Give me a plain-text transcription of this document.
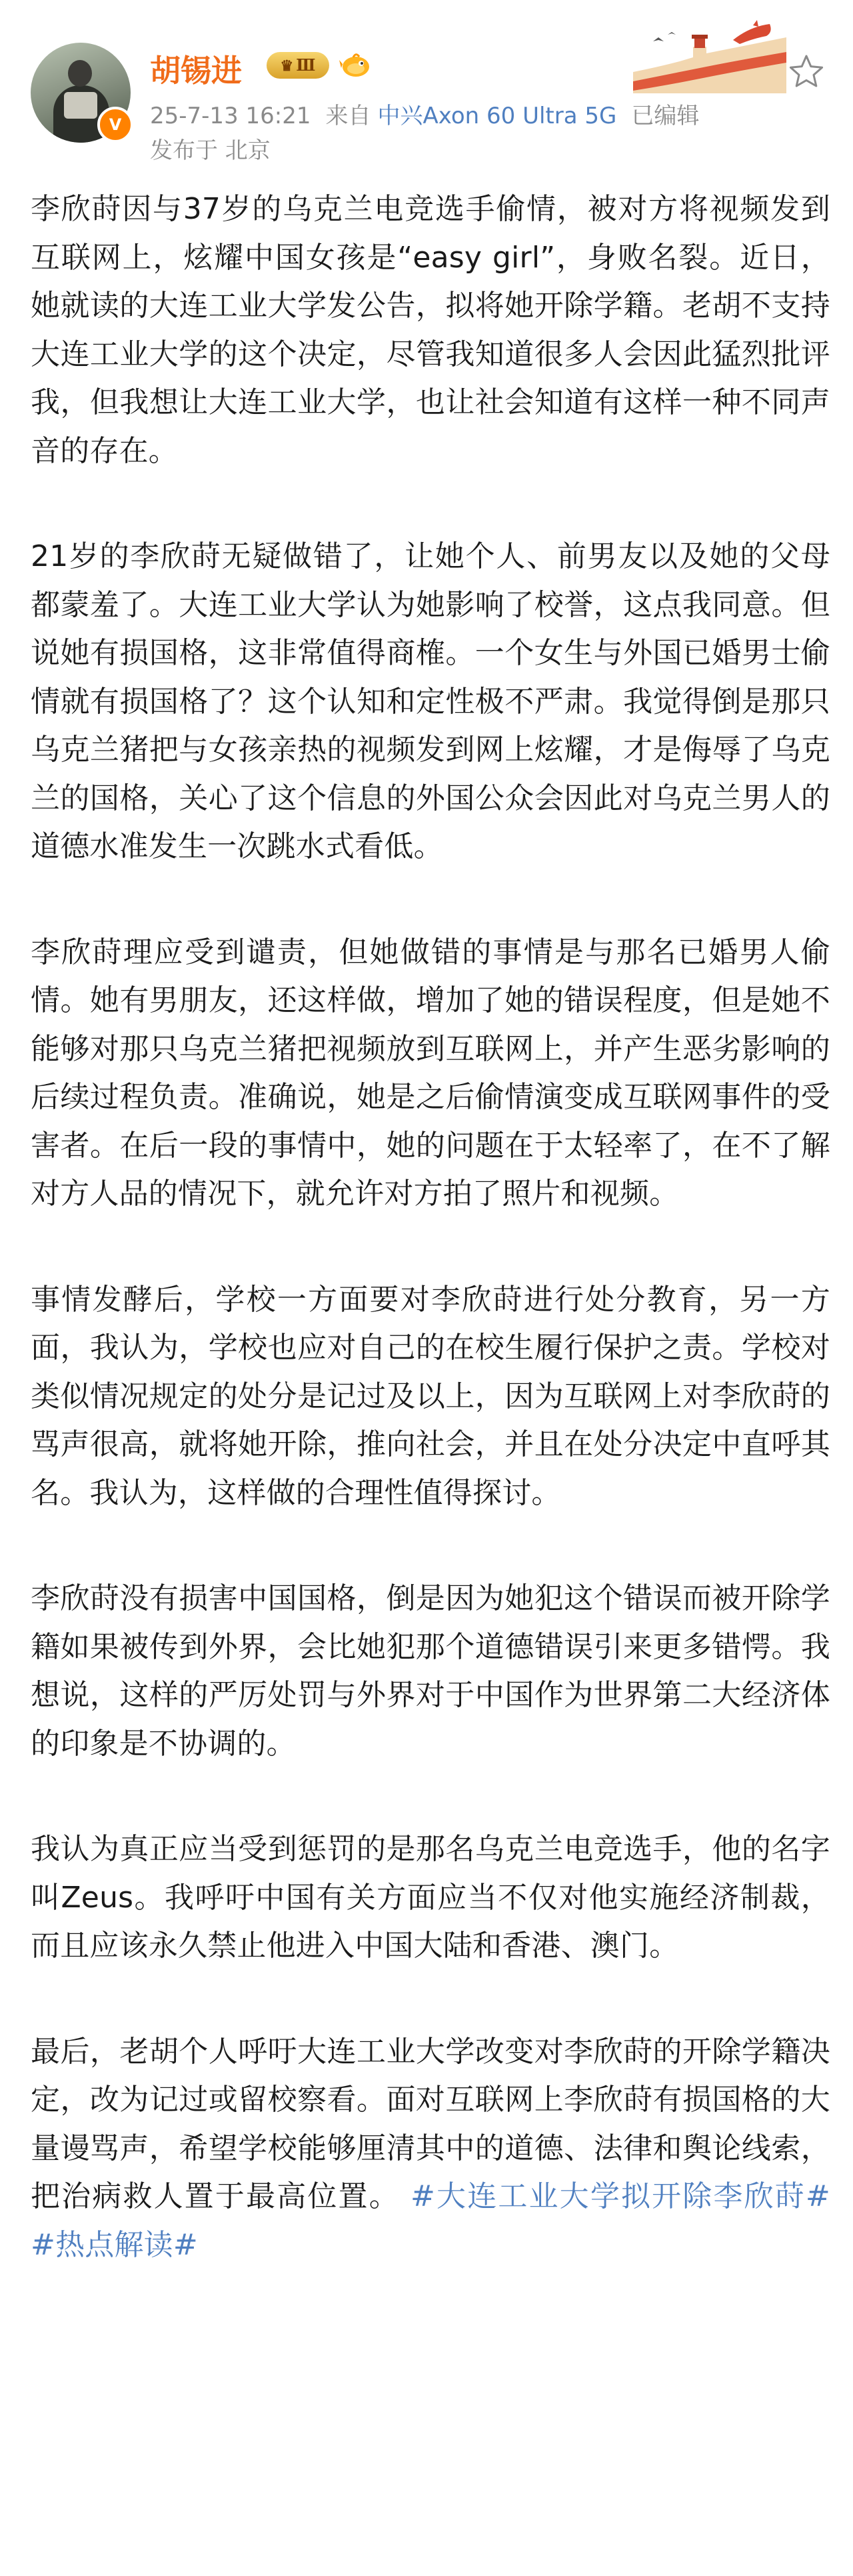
V
胡锡进	♛ Ⅲ
25-7-13 16:21 来自 中兴Axon 60 Ultra 5G 已编辑
发布于 北京

李欣莳因与37岁的乌克兰电竞选手偷情，被对方将视频发到互联网上，炫耀中国女孩是“easy girl”，身败名裂。近日，她就读的大连工业大学发公告，拟将她开除学籍。老胡不支持大连工业大学的这个决定，尽管我知道很多人会因此猛烈批评我，但我想让大连工业大学，也让社会知道有这样一种不同声音的存在。

21岁的李欣莳无疑做错了，让她个人、前男友以及她的父母都蒙羞了。大连工业大学认为她影响了校誉，这点我同意。但说她有损国格，这非常值得商榷。一个女生与外国已婚男士偷情就有损国格了？这个认知和定性极不严肃。我觉得倒是那只乌克兰猪把与女孩亲热的视频发到网上炫耀，才是侮辱了乌克兰的国格，关心了这个信息的外国公众会因此对乌克兰男人的道德水准发生一次跳水式看低。

李欣莳理应受到谴责，但她做错的事情是与那名已婚男人偷情。她有男朋友，还这样做，增加了她的错误程度，但是她不能够对那只乌克兰猪把视频放到互联网上，并产生恶劣影响的后续过程负责。准确说，她是之后偷情演变成互联网事件的受害者。在后一段的事情中，她的问题在于太轻率了，在不了解对方人品的情况下，就允许对方拍了照片和视频。

事情发酵后，学校一方面要对李欣莳进行处分教育，另一方面，我认为，学校也应对自己的在校生履行保护之责。学校对类似情况规定的处分是记过及以上，因为互联网上对李欣莳的骂声很高，就将她开除，推向社会，并且在处分决定中直呼其名。我认为，这样做的合理性值得探讨。

李欣莳没有损害中国国格，倒是因为她犯这个错误而被开除学籍如果被传到外界，会比她犯那个道德错误引来更多错愕。我想说，这样的严厉处罚与外界对于中国作为世界第二大经济体的印象是不协调的。

我认为真正应当受到惩罚的是那名乌克兰电竞选手，他的名字叫Zeus。我呼吁中国有关方面应当不仅对他实施经济制裁，而且应该永久禁止他进入中国大陆和香港、澳门。

最后，老胡个人呼吁大连工业大学改变对李欣莳的开除学籍决定，改为记过或留校察看。面对互联网上李欣莳有损国格的大量谩骂声，希望学校能够厘清其中的道德、法律和舆论线索，把治病救人置于最高位置。 #大连工业大学拟开除李欣莳# #热点解读#
